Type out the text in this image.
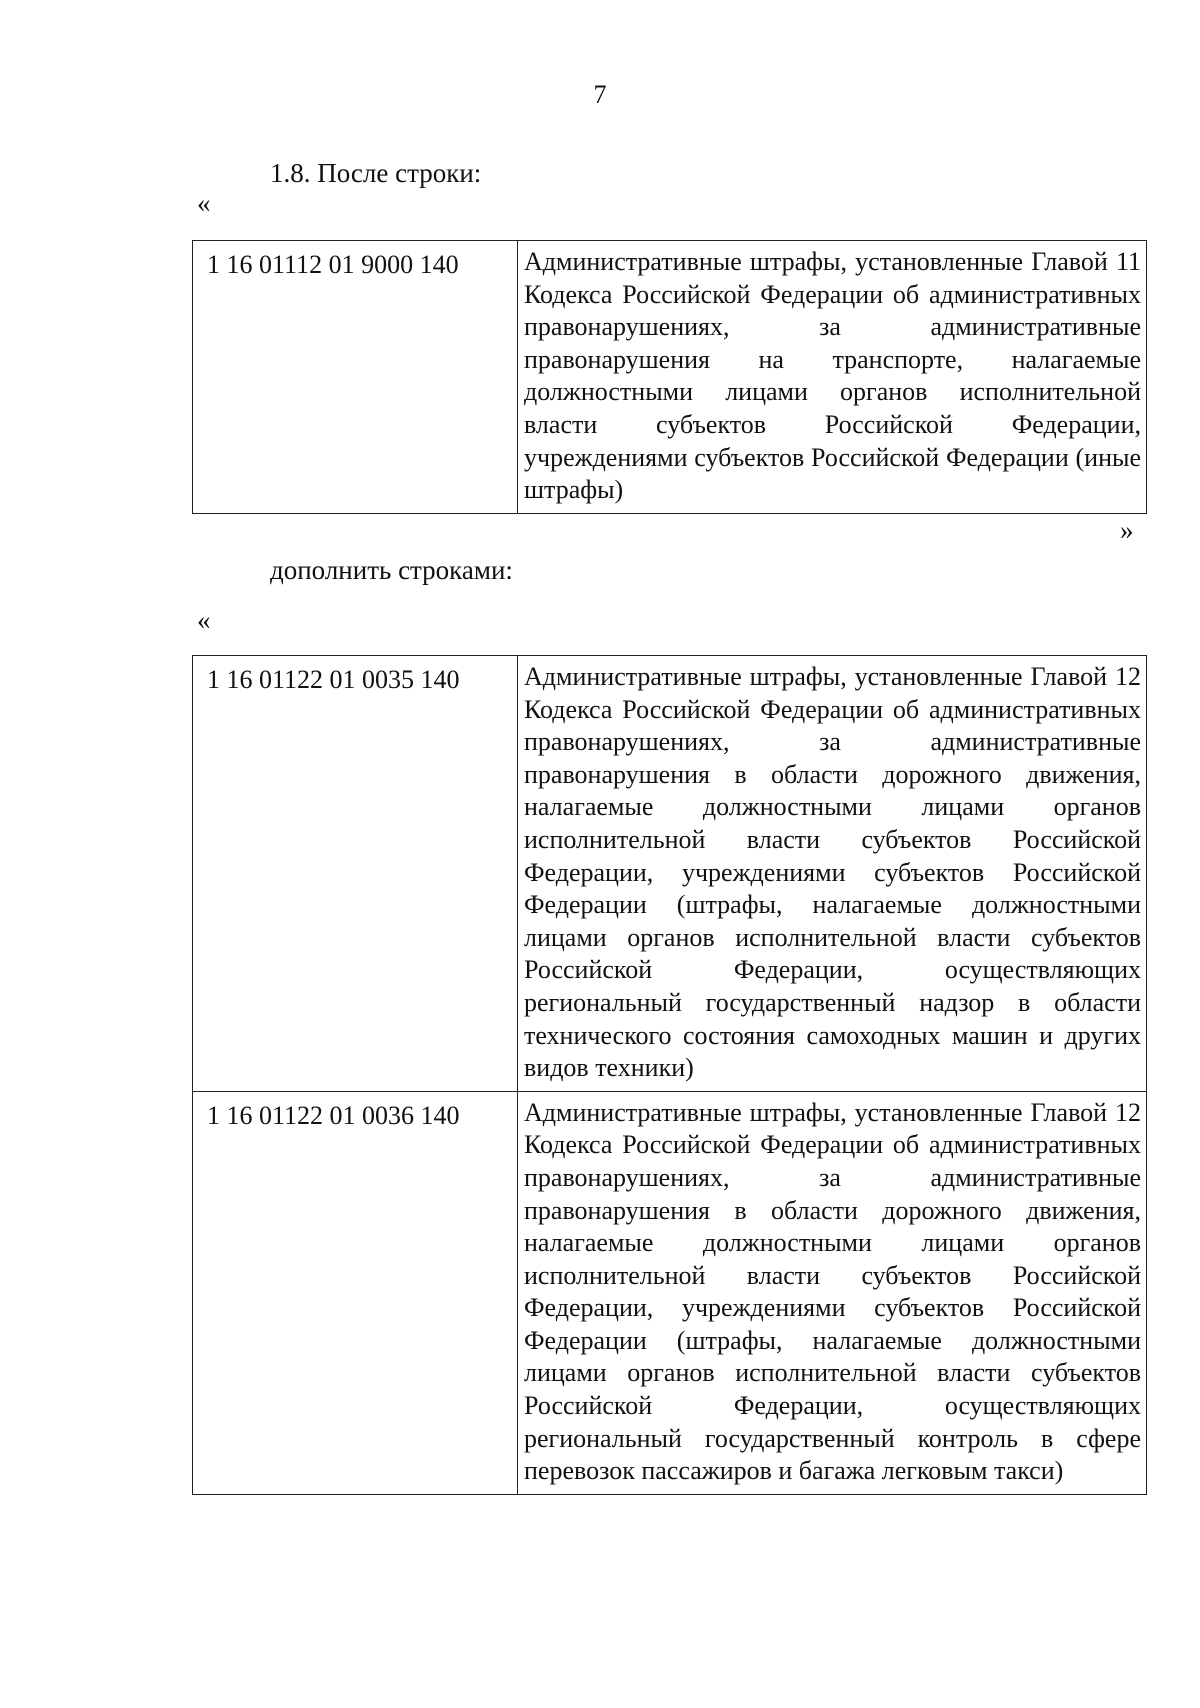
7
1.8. После строки:
«
1 16 01112 01 9000 140	Административные штрафы, установленные Главой 11 Кодекса Российской Федерации об административных правонарушениях, за административные правонарушения на транспорте, налагаемые должностными лицами органов исполнительной власти субъектов Российской Федерации, учреждениями субъектов Российской Федерации (иные штрафы)
»
дополнить строками:
«
1 16 01122 01 0035 140	Административные штрафы, установленные Главой 12 Кодекса Российской Федерации об административных правонарушениях, за административные правонарушения в области дорожного движения, налагаемые должностными лицами органов исполнительной власти субъектов Российской Федерации, учреждениями субъектов Российской Федерации (штрафы, налагаемые должностными лицами органов исполнительной власти субъектов Российской Федерации, осуществляющих региональный государственный надзор в области технического состояния самоходных машин и других видов техники)
1 16 01122 01 0036 140	Административные штрафы, установленные Главой 12 Кодекса Российской Федерации об административных правонарушениях, за административные правонарушения в области дорожного движения, налагаемые должностными лицами органов исполнительной власти субъектов Российской Федерации, учреждениями субъектов Российской Федерации (штрафы, налагаемые должностными лицами органов исполнительной власти субъектов Российской Федерации, осуществляющих региональный государственный контроль в сфере перевозок пассажиров и багажа легковым такси)
